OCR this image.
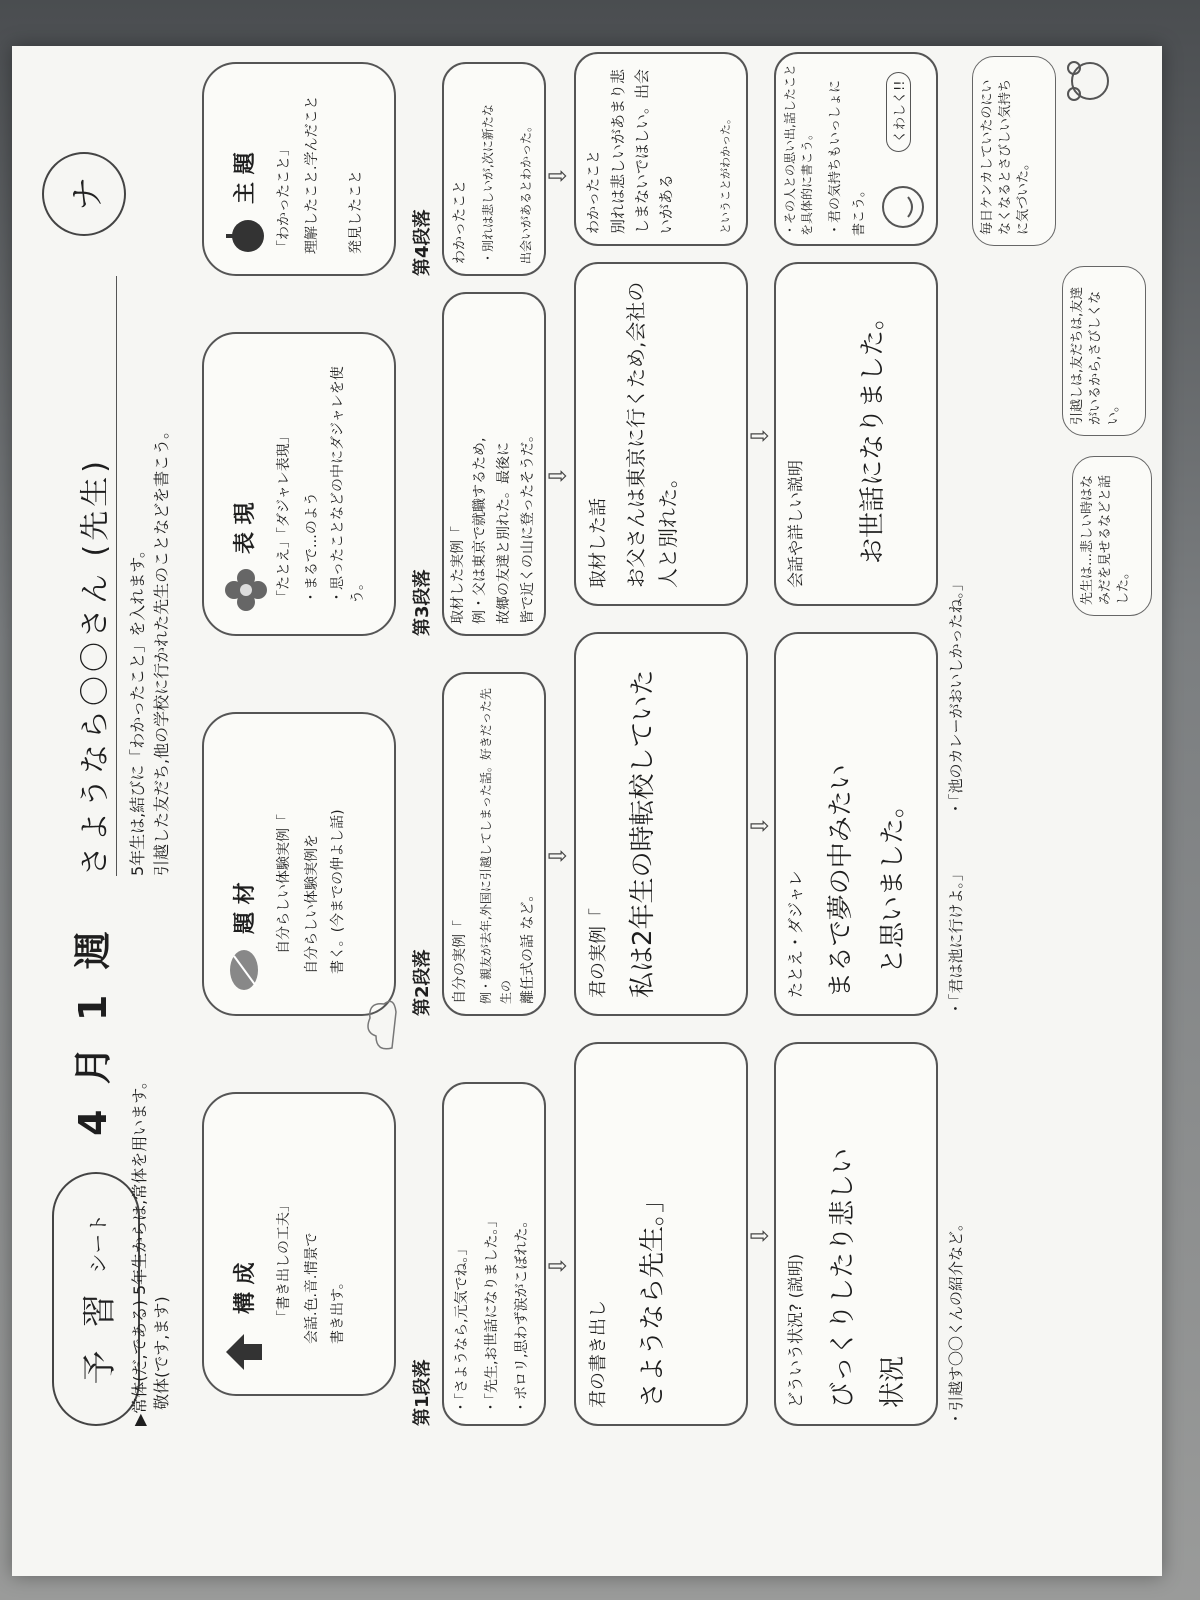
予 習
シート
4 月 1 週
さようなら〇〇さん (先生)
ナ
▶常体(だ,である) 5年生からは,常体を用います。 敬体(です,ます)
5年生は,結びに「わかったこと」を入れます。 引越した友だち,他の学校に行かれた先生のことなどを書こう。
構 成 「書き出しの工夫」 会話.色.音.情景で 書き出す。
題 材 自分らしい体験実例「 自分らしい体験実例を 書く。(今までの仲よし話)
表 現 「たとえ」「ダジャレ表現」 ・まるで…のよう ・思ったことなどの中にダジャレを使う。
主 題 「わかったこと」 理解したこと.学んだこと 発見したこと
第1段落 ・「さようなら,元気でね。」 ・「先生,お世話になりました。」 ・ポロリ,思わず涙がこぼれた。
第2段落 自分の実例「 例・親友が去年,外国に引越してしまった話。好きだった先生の 離任式の話 など。
第3段落 取材した実例「 例・父は東京で就職するため, 故郷の友達と別れた。最後に 皆で近くの山に登ったそうだ。
第4段落 わかったこと ・別れは悲しいが,次に新たな 出会いがあるとわかった。
⇩
⇩
⇩
⇩
君の書き出し さようなら先生。」
君の実例「 私は2年生の時転校していた
取材した話 お父さんは東京に行くため,会社の人と別れた。
わかったこと 別れは悲しいがあまり悲しまないでほしい。出会いがある	ということがわかった。
⇩
⇩
⇩
どういう状況? (説明) びっくりしたり悲しい 状況
たとえ・ダジャレ まるで夢の中みたい と思いました。
会話や詳しい説明 お世話になりました。
・その人との思い出,話したことを具体的に書こう。 ・君の気持ちもいっしょに 書こう。
くわしく!!
・引越す〇〇くんの紹介など。
・「君は池に行けよ。」
・「池のカレーがおいしかったね。」
毎日ケンカしていたのにいなくなるとさびしい気持ちに気づいた。
引越しは,友だちは,友達がいるから,さびしくない。
先生は…悲しい時はなみだを見せるなどと話した。
